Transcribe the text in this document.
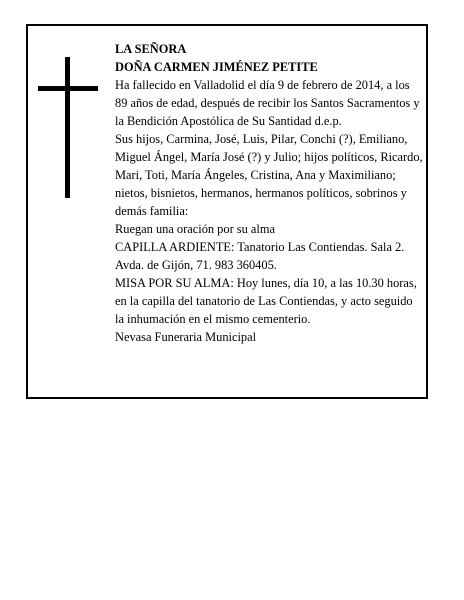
LA SEÑORA

DOÑA CARMEN JIMÉNEZ PETITE

Ha fallecido en Valladolid el día 9 de febrero de 2014, a los 89 años de edad, después de recibir los Santos Sacramentos y la Bendición Apostólica de Su Santidad d.e.p.

Sus hijos, Carmina, José, Luis, Pilar, Conchi (?), Emiliano, Miguel Ángel, María José (?) y Julio; hijos políticos, Ricardo, Mari, Toti, María Ángeles, Cristina, Ana y Maximiliano; nietos, bisnietos, hermanos, hermanos políticos, sobrinos y demás familia:

Ruegan una oración por su alma

CAPILLA ARDIENTE: Tanatorio Las Contiendas. Sala 2. Avda. de Gijón, 71. 983 360405.

MISA POR SU ALMA: Hoy lunes, día 10, a las 10.30 horas, en la capilla del tanatorio de Las Contiendas, y acto seguido la inhumación en el mismo cementerio.

Nevasa Funeraria Municipal
